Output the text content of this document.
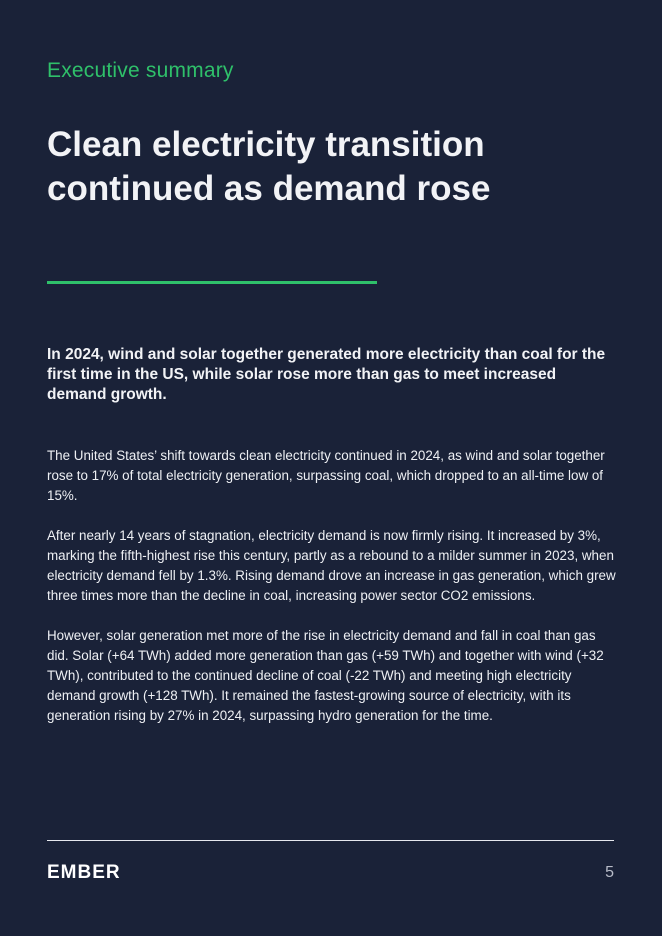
Executive summary
Clean electricity transition continued as demand rose

In 2024, wind and solar together generated more electricity than coal for the first time in the US, while solar rose more than gas to meet increased demand growth.

The United States’ shift towards clean electricity continued in 2024, as wind and solar together rose to 17% of total electricity generation, surpassing coal, which dropped to an all-time low of 15%.

After nearly 14 years of stagnation, electricity demand is now firmly rising. It increased by 3%, marking the fifth-highest rise this century, partly as a rebound to a milder summer in 2023, when electricity demand fell by 1.3%. Rising demand drove an increase in gas generation, which grew three times more than the decline in coal, increasing power sector CO2 emissions.

However, solar generation met more of the rise in electricity demand and fall in coal than gas did. Solar (+64 TWh) added more generation than gas (+59 TWh) and together with wind (+32 TWh), contributed to the continued decline of coal (-22 TWh) and meeting high electricity demand growth (+128 TWh). It remained the fastest-growing source of electricity, with its generation rising by 27% in 2024, surpassing hydro generation for the time.

EMBER	5
